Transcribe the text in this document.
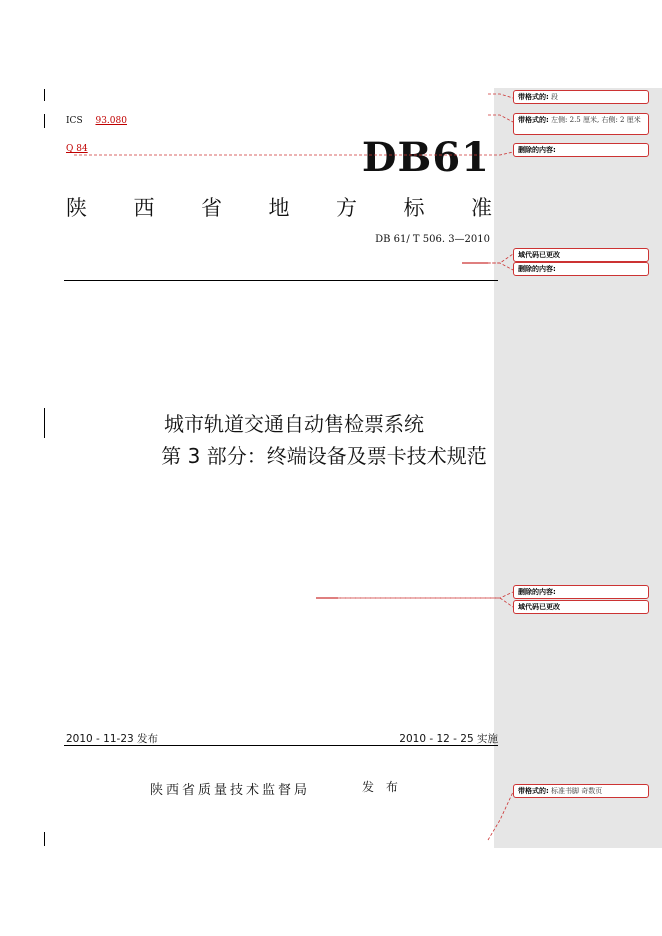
ICS 93.080
Q 84	DB61
陕 西 省 地 方 标 准
DB 61/ T 506. 3—2010
城市轨道交通自动售检票系统
第 3 部分：终端设备及票卡技术规范
2010 - 11-23 发布	2010 - 12 - 25 实施
陕西省质量技术监督局	发 布
带格式的: 段
带格式的: 左侧: 2.5 厘米, 右侧: 2 厘米
删除的内容:
域代码已更改
删除的内容:
删除的内容:
域代码已更改
带格式的: 标准书脚 奇数页
